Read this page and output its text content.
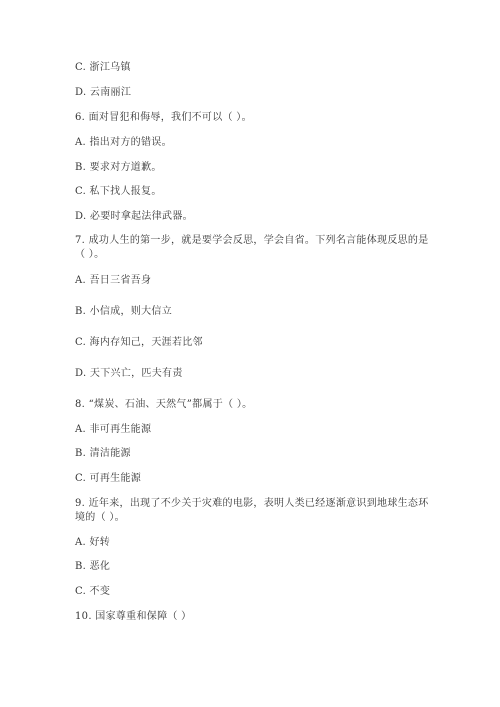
C. 浙江乌镇
D. 云南丽江
6. 面对冒犯和侮辱，我们不可以（ ）。
A. 指出对方的错误。
B. 要求对方道歉。
C. 私下找人报复。
D. 必要时拿起法律武器。
7. 成功人生的第一步，就是要学会反思，学会自省。下列名言能体现反思的是
（ ）。
A. 吾日三省吾身
B. 小信成，则大信立
C. 海内存知己，天涯若比邻
D. 天下兴亡，匹夫有责
8. “煤炭、石油、天然气”都属于（ ）。
A. 非可再生能源
B. 清洁能源
C. 可再生能源
9. 近年来，出现了不少关于灾难的电影，表明人类已经逐渐意识到地球生态环
境的（ ）。
A. 好转
B. 恶化
C. 不变
10. 国家尊重和保障（ ）
